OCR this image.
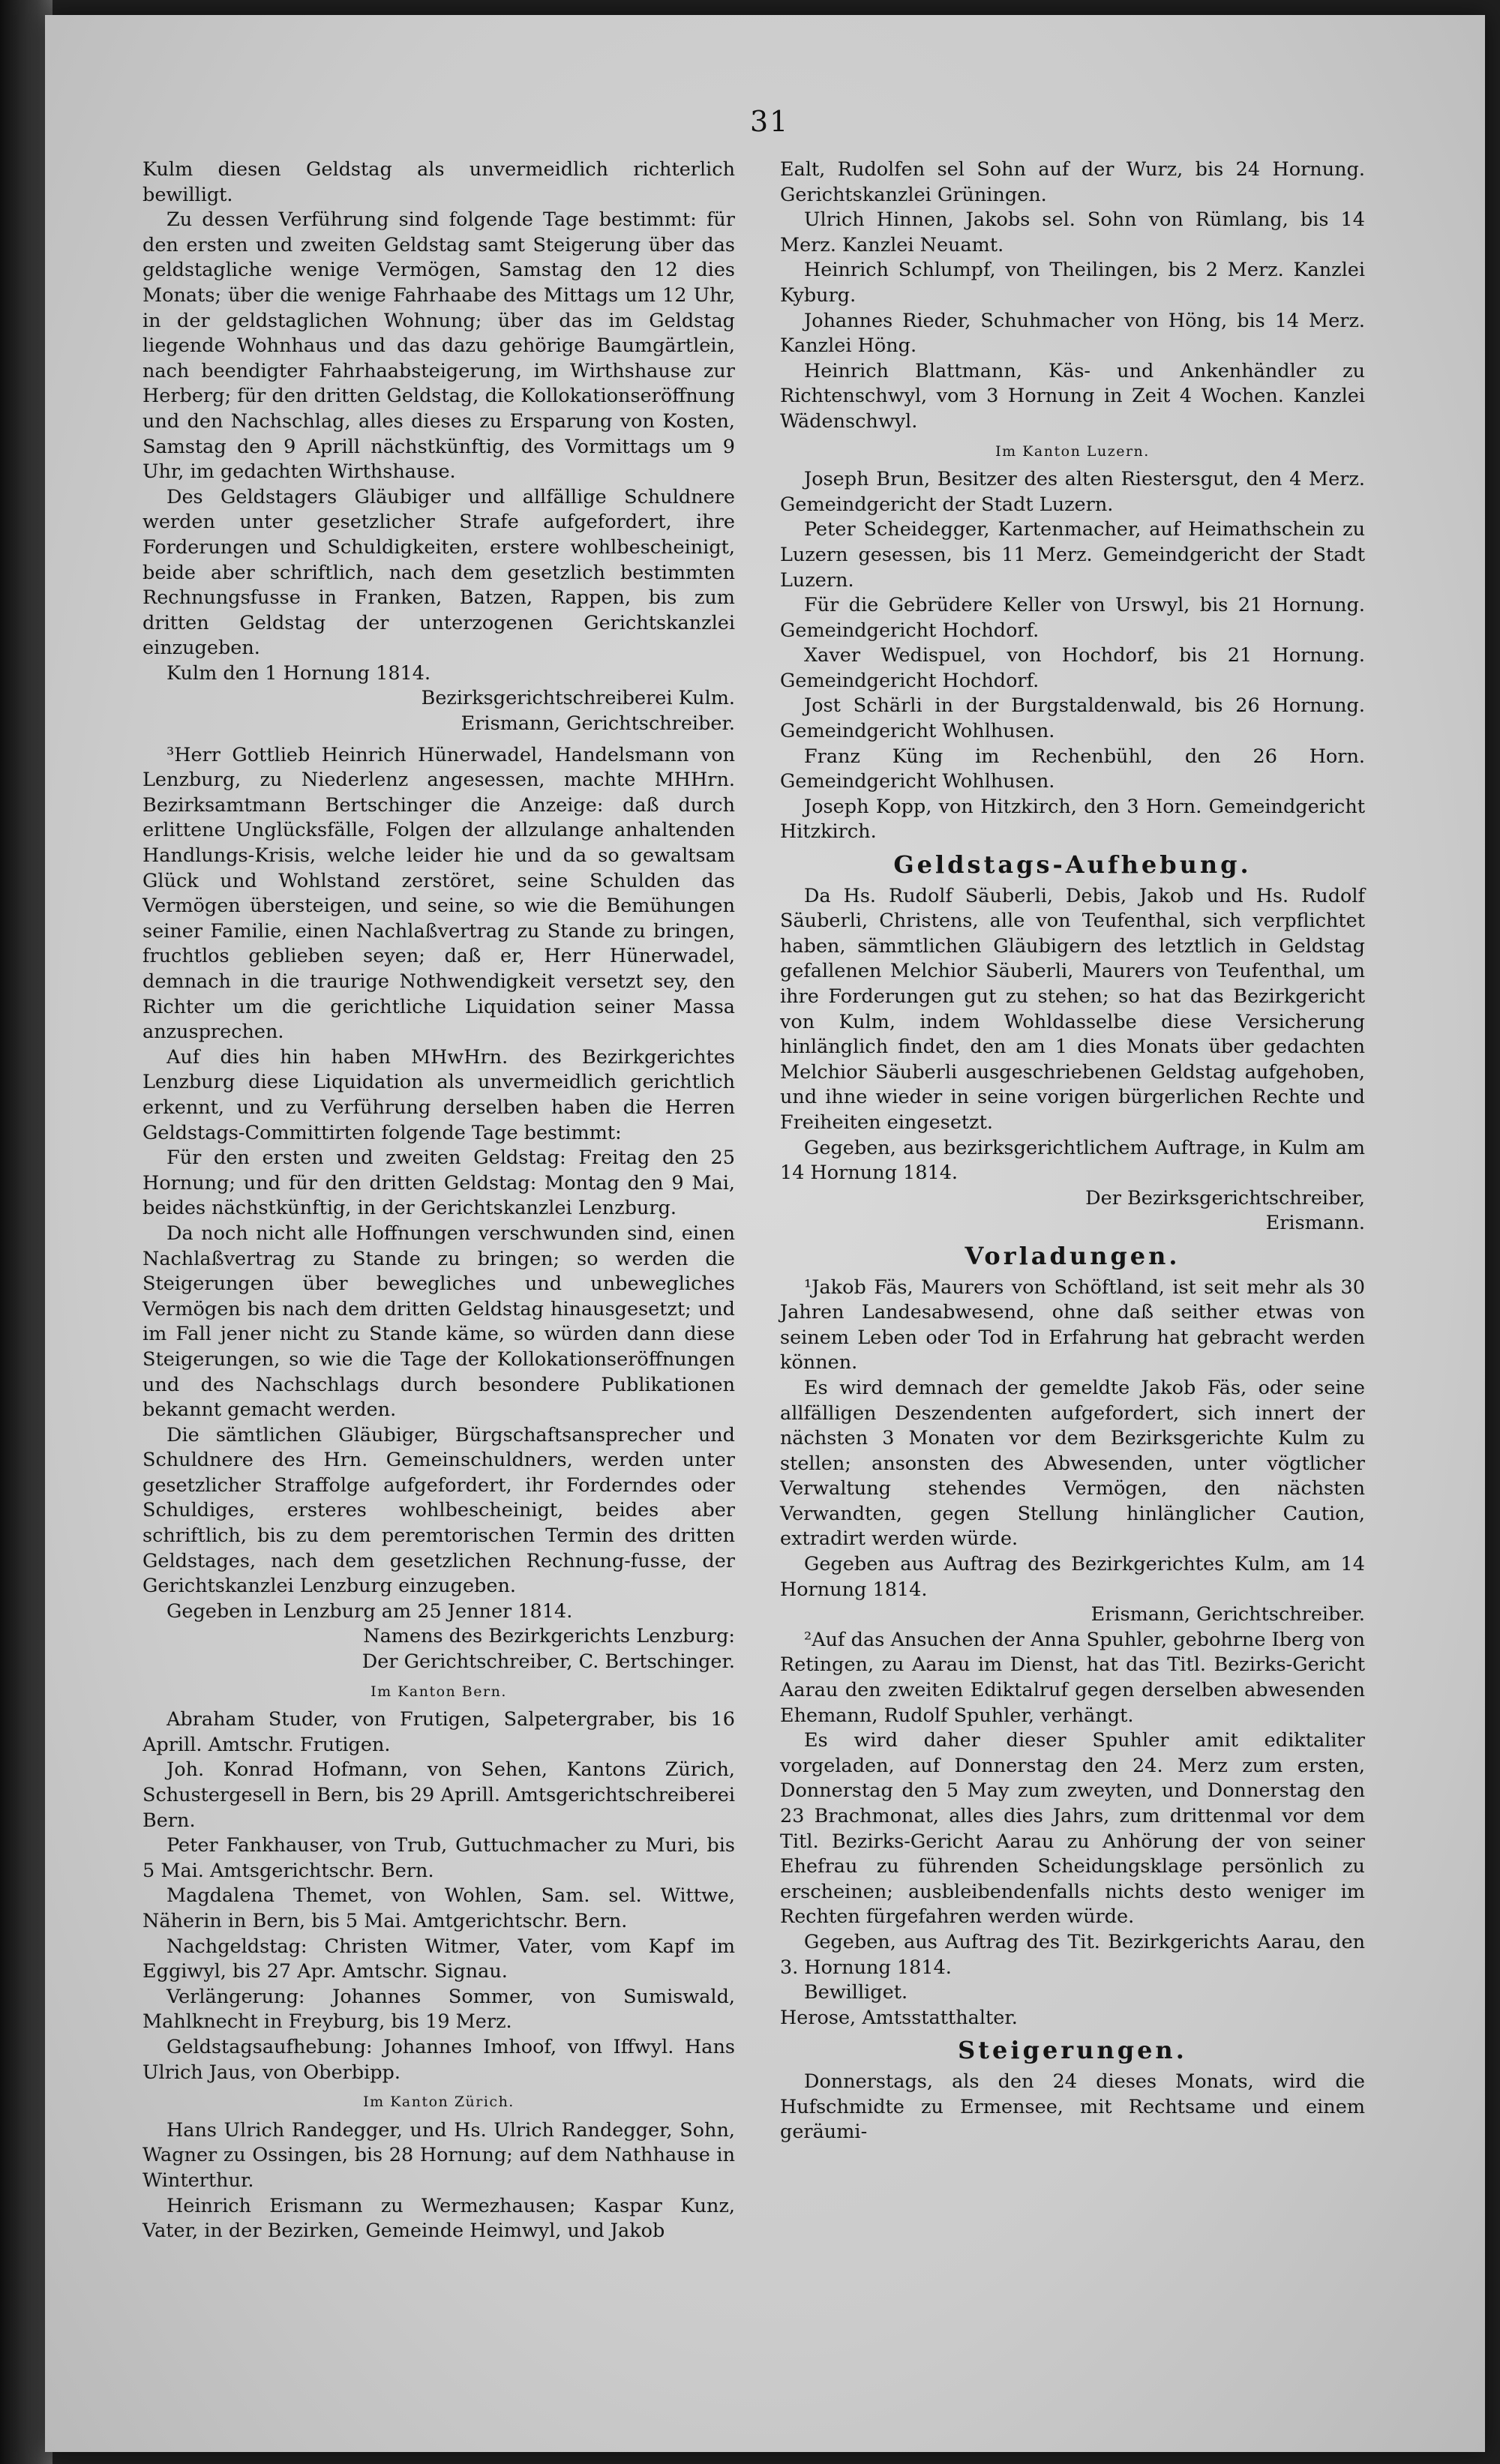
31

Kulm diesen Geldstag als unvermeidlich richterlich bewilligt.

Zu dessen Verführung sind folgende Tage bestimmt: für den ersten und zweiten Geldstag samt Steigerung über das geldstagliche wenige Vermögen, Samstag den 12 dies Monats; über die wenige Fahrhaabe des Mittags um 12 Uhr, in der geldstaglichen Wohnung; über das im Geldstag liegende Wohnhaus und das dazu gehörige Baumgärtlein, nach beendigter Fahrhaabsteigerung, im Wirthshause zur Herberg; für den dritten Geldstag, die Kollokationseröffnung und den Nachschlag, alles dieses zu Ersparung von Kosten, Samstag den 9 Aprill nächstkünftig, des Vormittags um 9 Uhr, im gedachten Wirthshause.

Des Geldstagers Gläubiger und allfällige Schuldnere werden unter gesetzlicher Strafe aufgefordert, ihre Forderungen und Schuldigkeiten, erstere wohlbescheinigt, beide aber schriftlich, nach dem gesetzlich bestimmten Rechnungsfusse in Franken, Batzen, Rappen, bis zum dritten Geldstag der unterzogenen Gerichtskanzlei einzugeben.

Kulm den 1 Hornung 1814.

Bezirksgerichtschreiberei Kulm.

Erismann, Gerichtschreiber.

³Herr Gottlieb Heinrich Hünerwadel, Handelsmann von Lenzburg, zu Niederlenz angesessen, machte MHHrn. Bezirksamtmann Bertschinger die Anzeige: daß durch erlittene Unglücksfälle, Folgen der allzulange anhaltenden Handlungs-Krisis, welche leider hie und da so gewaltsam Glück und Wohlstand zerstöret, seine Schulden das Vermögen übersteigen, und seine, so wie die Bemühungen seiner Familie, einen Nachlaßvertrag zu Stande zu bringen, fruchtlos geblieben seyen; daß er, Herr Hünerwadel, demnach in die traurige Nothwendigkeit versetzt sey, den Richter um die gerichtliche Liquidation seiner Massa anzusprechen.

Auf dies hin haben MHwHrn. des Bezirkgerichtes Lenzburg diese Liquidation als unvermeidlich gerichtlich erkennt, und zu Verführung derselben haben die Herren Geldstags-Committirten folgende Tage bestimmt:

Für den ersten und zweiten Geldstag: Freitag den 25 Hornung; und für den dritten Geldstag: Montag den 9 Mai, beides nächstkünftig, in der Gerichtskanzlei Lenzburg.

Da noch nicht alle Hoffnungen verschwunden sind, einen Nachlaßvertrag zu Stande zu bringen; so werden die Steigerungen über bewegliches und unbewegliches Vermögen bis nach dem dritten Geldstag hinausgesetzt; und im Fall jener nicht zu Stande käme, so würden dann diese Steigerungen, so wie die Tage der Kollokationseröffnungen und des Nachschlags durch besondere Publikationen bekannt gemacht werden.

Die sämtlichen Gläubiger, Bürgschaftsansprecher und Schuldnere des Hrn. Gemeinschuldners, werden unter gesetzlicher Straffolge aufgefordert, ihr Forderndes oder Schuldiges, ersteres wohlbescheinigt, beides aber schriftlich, bis zu dem peremtorischen Termin des dritten Geldstages, nach dem gesetzlichen Rechnung-fusse, der Gerichtskanzlei Lenzburg einzugeben.

Gegeben in Lenzburg am 25 Jenner 1814.

Namens des Bezirkgerichts Lenzburg:

Der Gerichtschreiber, C. Bertschinger.

Im Kanton Bern.

Abraham Studer, von Frutigen, Salpetergraber, bis 16 Aprill. Amtschr. Frutigen.

Joh. Konrad Hofmann, von Sehen, Kantons Zürich, Schustergesell in Bern, bis 29 Aprill. Amtsgerichtschreiberei Bern.

Peter Fankhauser, von Trub, Guttuchmacher zu Muri, bis 5 Mai. Amtsgerichtschr. Bern.

Magdalena Themet, von Wohlen, Sam. sel. Wittwe, Näherin in Bern, bis 5 Mai. Amtgerichtschr. Bern.

Nachgeldstag: Christen Witmer, Vater, vom Kapf im Eggiwyl, bis 27 Apr. Amtschr. Signau.

Verlängerung: Johannes Sommer, von Sumiswald, Mahlknecht in Freyburg, bis 19 Merz.

Geldstagsaufhebung: Johannes Imhoof, von Iffwyl. Hans Ulrich Jaus, von Oberbipp.

Im Kanton Zürich.

Hans Ulrich Randegger, und Hs. Ulrich Randegger, Sohn, Wagner zu Ossingen, bis 28 Hornung; auf dem Nathhause in Winterthur.

Heinrich Erismann zu Wermezhausen; Kaspar Kunz, Vater, in der Bezirken, Gemeinde Heimwyl, und Jakob

Ealt, Rudolfen sel Sohn auf der Wurz, bis 24 Hornung. Gerichtskanzlei Grüningen.

Ulrich Hinnen, Jakobs sel. Sohn von Rümlang, bis 14 Merz. Kanzlei Neuamt.

Heinrich Schlumpf, von Theilingen, bis 2 Merz. Kanzlei Kyburg.

Johannes Rieder, Schuhmacher von Höng, bis 14 Merz. Kanzlei Höng.

Heinrich Blattmann, Käs- und Ankenhändler zu Richtenschwyl, vom 3 Hornung in Zeit 4 Wochen. Kanzlei Wädenschwyl.

Im Kanton Luzern.

Joseph Brun, Besitzer des alten Riestersgut, den 4 Merz. Gemeindgericht der Stadt Luzern.

Peter Scheidegger, Kartenmacher, auf Heimathschein zu Luzern gesessen, bis 11 Merz. Gemeindgericht der Stadt Luzern.

Für die Gebrüdere Keller von Urswyl, bis 21 Hornung. Gemeindgericht Hochdorf.

Xaver Wedispuel, von Hochdorf, bis 21 Hornung. Gemeindgericht Hochdorf.

Jost Schärli in der Burgstaldenwald, bis 26 Hornung. Gemeindgericht Wohlhusen.

Franz Küng im Rechenbühl, den 26 Horn. Gemeindgericht Wohlhusen.

Joseph Kopp, von Hitzkirch, den 3 Horn. Gemeindgericht Hitzkirch.

Geldstags-Aufhebung.

Da Hs. Rudolf Säuberli, Debis, Jakob und Hs. Rudolf Säuberli, Christens, alle von Teufenthal, sich verpflichtet haben, sämmtlichen Gläubigern des letztlich in Geldstag gefallenen Melchior Säuberli, Maurers von Teufenthal, um ihre Forderungen gut zu stehen; so hat das Bezirkgericht von Kulm, indem Wohldasselbe diese Versicherung hinlänglich findet, den am 1 dies Monats über gedachten Melchior Säuberli ausgeschriebenen Geldstag aufgehoben, und ihne wieder in seine vorigen bürgerlichen Rechte und Freiheiten eingesetzt.

Gegeben, aus bezirksgerichtlichem Auftrage, in Kulm am 14 Hornung 1814.

Der Bezirksgerichtschreiber,

Erismann.

Vorladungen.

¹Jakob Fäs, Maurers von Schöftland, ist seit mehr als 30 Jahren Landesabwesend, ohne daß seither etwas von seinem Leben oder Tod in Erfahrung hat gebracht werden können.

Es wird demnach der gemeldte Jakob Fäs, oder seine allfälligen Deszendenten aufgefordert, sich innert der nächsten 3 Monaten vor dem Bezirksgerichte Kulm zu stellen; ansonsten des Abwesenden, unter vögtlicher Verwaltung stehendes Vermögen, den nächsten Verwandten, gegen Stellung hinlänglicher Caution, extradirt werden würde.

Gegeben aus Auftrag des Bezirkgerichtes Kulm, am 14 Hornung 1814.

Erismann, Gerichtschreiber.

²Auf das Ansuchen der Anna Spuhler, gebohrne Iberg von Retingen, zu Aarau im Dienst, hat das Titl. Bezirks-Gericht Aarau den zweiten Ediktalruf gegen derselben abwesenden Ehemann, Rudolf Spuhler, verhängt.

Es wird daher dieser Spuhler amit ediktaliter vorgeladen, auf Donnerstag den 24. Merz zum ersten, Donnerstag den 5 May zum zweyten, und Donnerstag den 23 Brachmonat, alles dies Jahrs, zum drittenmal vor dem Titl. Bezirks-Gericht Aarau zu Anhörung der von seiner Ehefrau zu führenden Scheidungsklage persönlich zu erscheinen; ausbleibendenfalls nichts desto weniger im Rechten fürgefahren werden würde.

Gegeben, aus Auftrag des Tit. Bezirkgerichts Aarau, den 3. Hornung 1814.

Bewilliget.

Herose, Amtsstatthalter.

Steigerungen.

Donnerstags, als den 24 dieses Monats, wird die Hufschmidte zu Ermensee, mit Rechtsame und einem geräumi-
